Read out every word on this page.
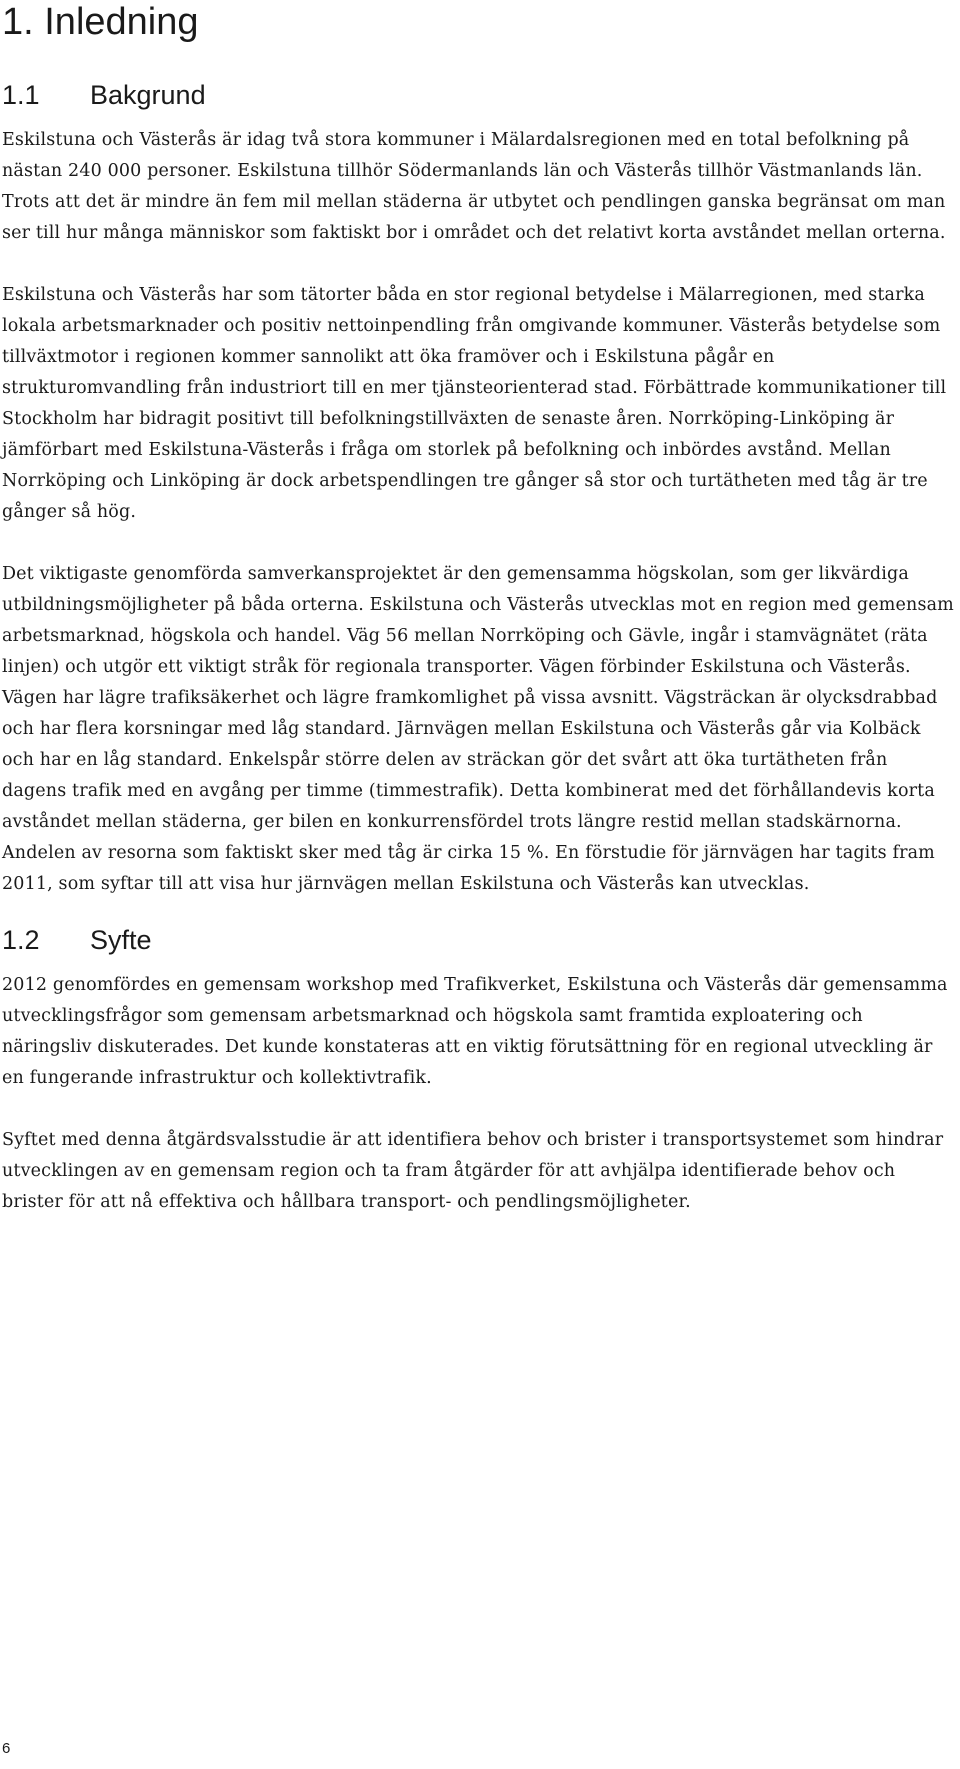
1. Inledning
1.1 Bakgrund

Eskilstuna och Västerås är idag två stora kommuner i Mälardalsregionen med en total befolkning på nästan 240 000 personer. Eskilstuna tillhör Södermanlands län och Västerås tillhör Västmanlands län. Trots att det är mindre än fem mil mellan städerna är utbytet och pendlingen ganska begränsat om man ser till hur många människor som faktiskt bor i området och det relativt korta avståndet mellan orterna.

Eskilstuna och Västerås har som tätorter båda en stor regional betydelse i Mälarregionen, med starka lokala arbetsmarknader och positiv nettoinpendling från omgivande kommuner. Västerås betydelse som tillväxtmotor i regionen kommer sannolikt att öka framöver och i Eskilstuna pågår en strukturomvandling från industriort till en mer tjänsteorienterad stad. Förbättrade kommunikationer till Stockholm har bidragit positivt till befolkningstillväxten de senaste åren. Norrköping-Linköping är jämförbart med Eskilstuna-Västerås i fråga om storlek på befolkning och inbördes avstånd. Mellan Norrköping och Linköping är dock arbetspendlingen tre gånger så stor och turtätheten med tåg är tre gånger så hög.

Det viktigaste genomförda samverkansprojektet är den gemensamma högskolan, som ger likvärdiga utbildningsmöjligheter på båda orterna. Eskilstuna och Västerås utvecklas mot en region med gemensam arbetsmarknad, högskola och handel. Väg 56 mellan Norrköping och Gävle, ingår i stamvägnätet (räta linjen) och utgör ett viktigt stråk för regionala transporter. Vägen förbinder Eskilstuna och Västerås. Vägen har lägre trafiksäkerhet och lägre framkomlighet på vissa avsnitt. Vägsträckan är olycksdrabbad och har flera korsningar med låg standard. Järnvägen mellan Eskilstuna och Västerås går via Kolbäck och har en låg standard. Enkelspår större delen av sträckan gör det svårt att öka turtätheten från dagens trafik med en avgång per timme (timmestrafik). Detta kombinerat med det förhållandevis korta avståndet mellan städerna, ger bilen en konkurrensfördel trots längre restid mellan stadskärnorna. Andelen av resorna som faktiskt sker med tåg är cirka 15 %. En förstudie för järnvägen har tagits fram 2011, som syftar till att visa hur järnvägen mellan Eskilstuna och Västerås kan utvecklas.

1.2 Syfte

2012 genomfördes en gemensam workshop med Trafikverket, Eskilstuna och Västerås där gemensamma utvecklingsfrågor som gemensam arbetsmarknad och högskola samt framtida exploatering och näringsliv diskuterades. Det kunde konstateras att en viktig förutsättning för en regional utveckling är en fungerande infrastruktur och kollektivtrafik.

Syftet med denna åtgärdsvalsstudie är att identifiera behov och brister i transportsystemet som hindrar utvecklingen av en gemensam region och ta fram åtgärder för att avhjälpa identifierade behov och brister för att nå effektiva och hållbara transport- och pendlingsmöjligheter.

6
